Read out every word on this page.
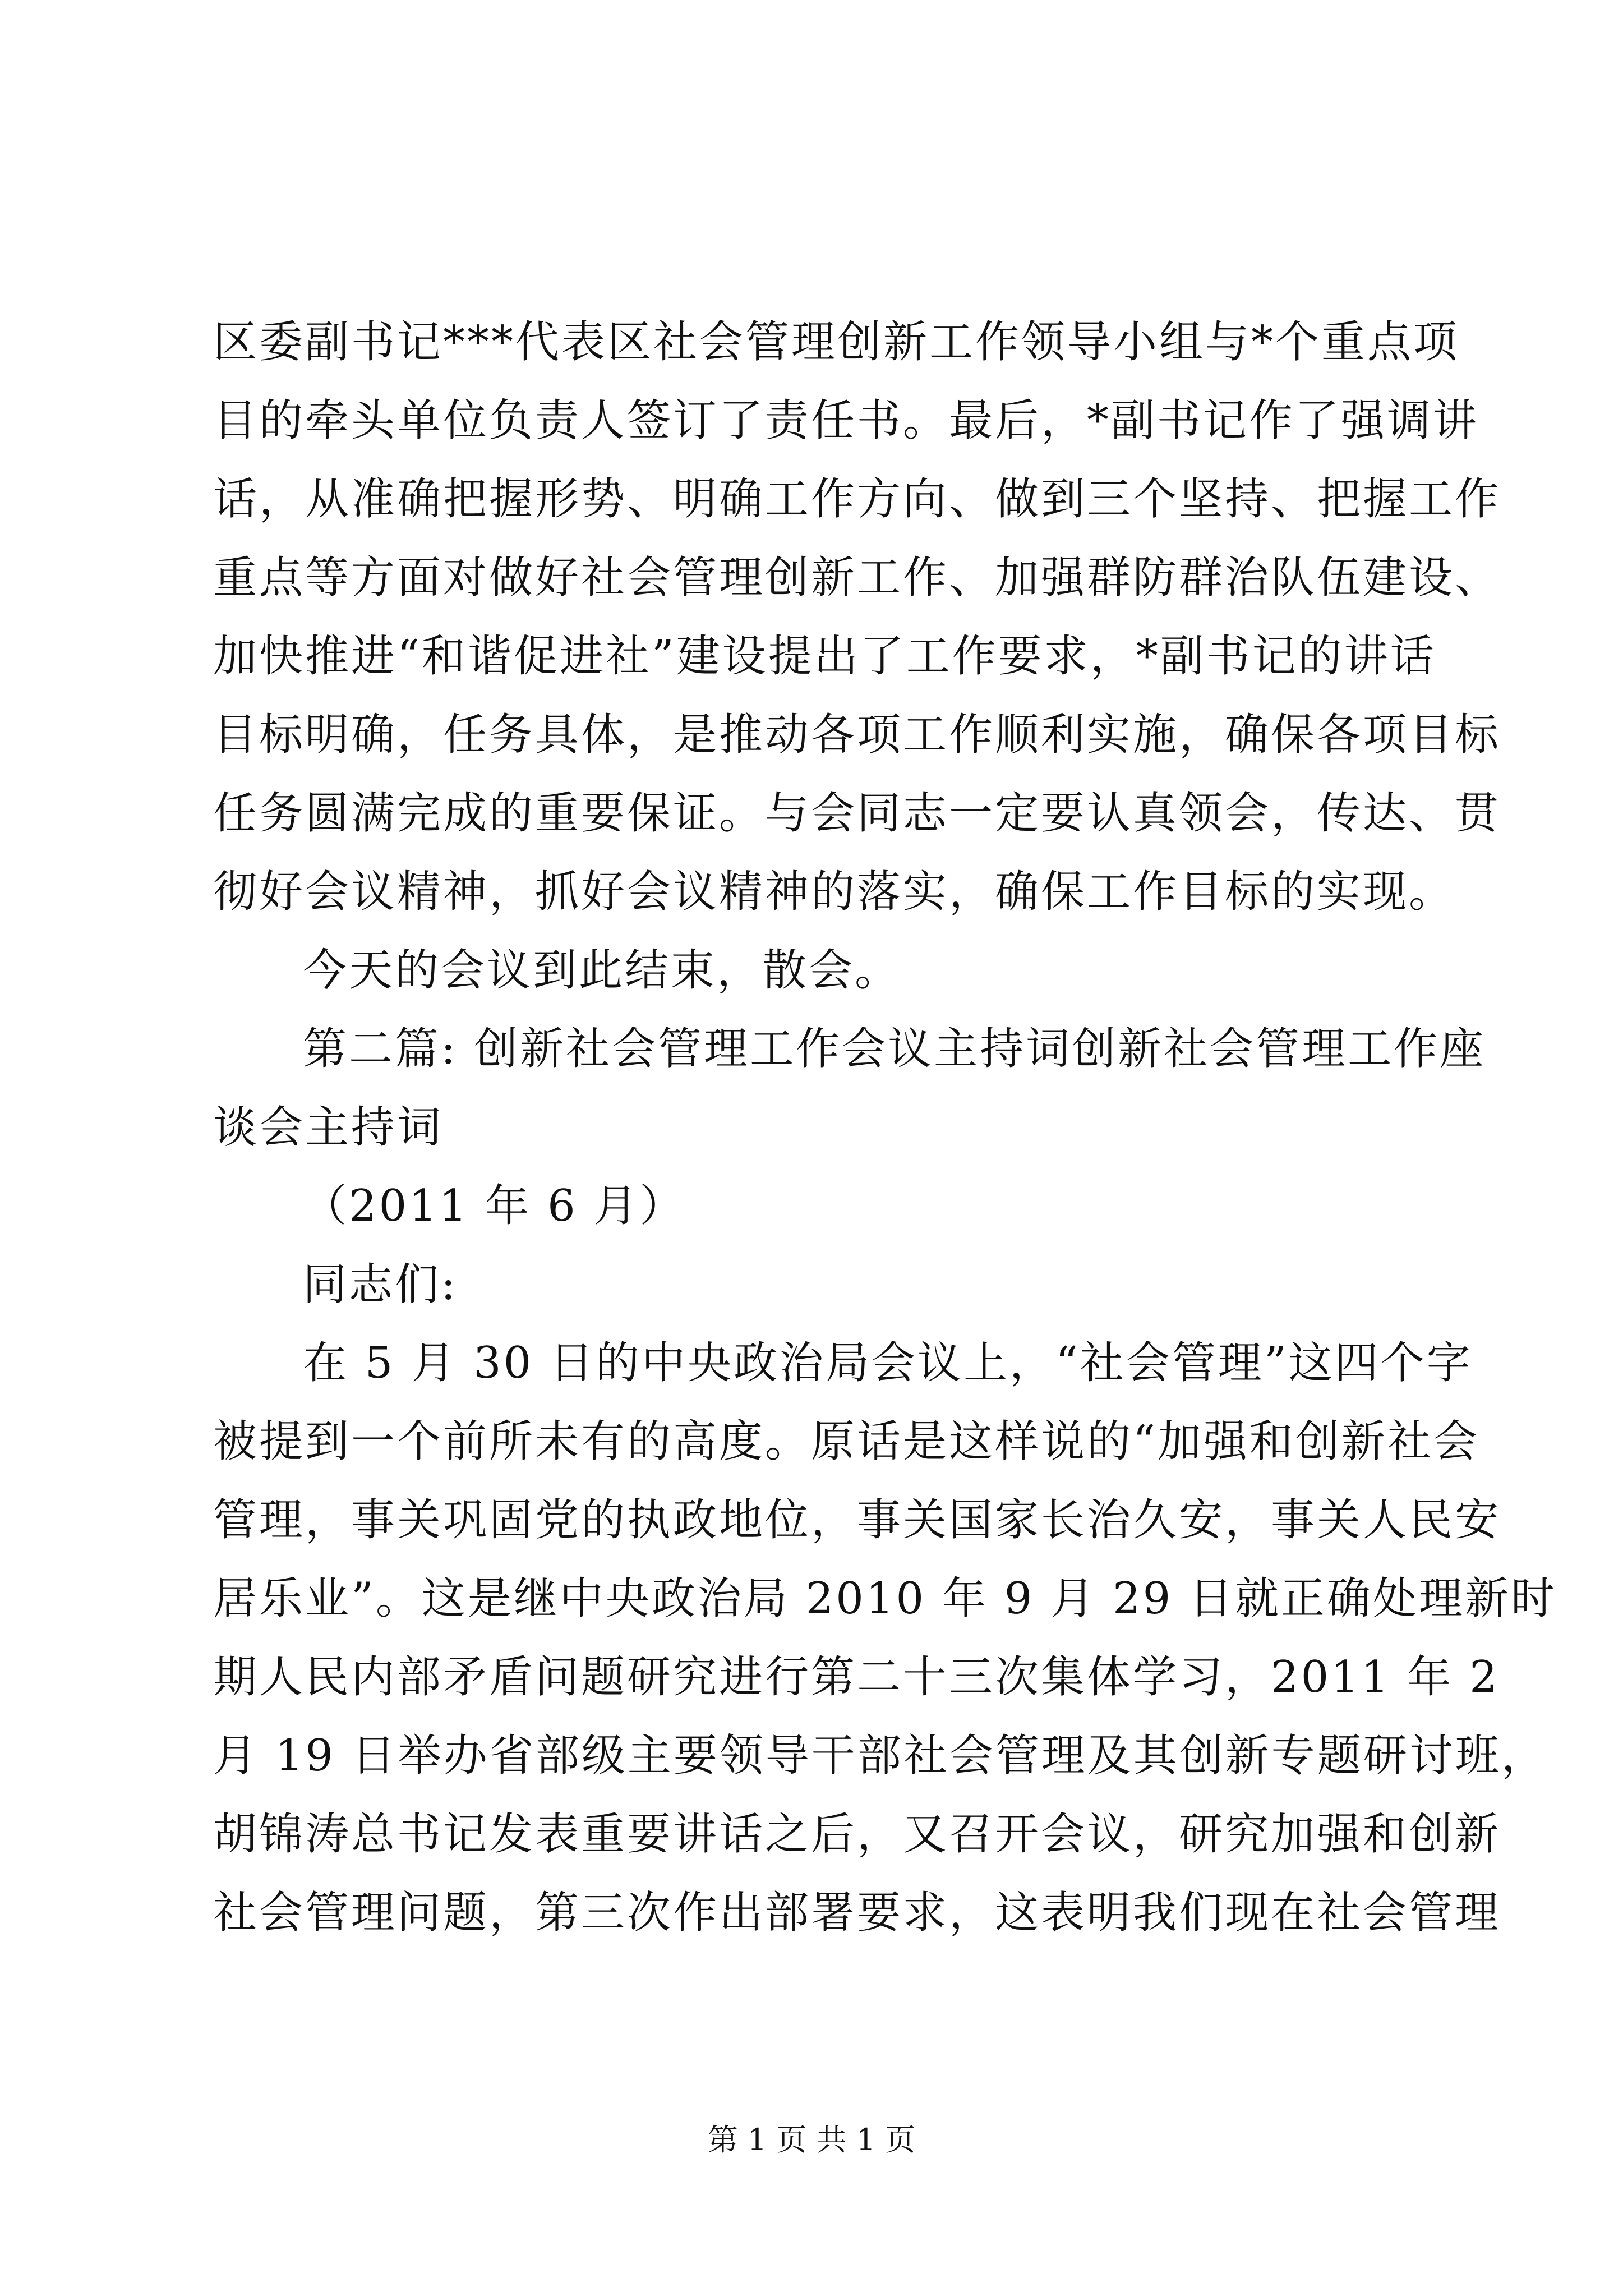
区委副书记***代表区社会管理创新工作领导小组与*个重点项
目的牵头单位负责人签订了责任书。最后，*副书记作了强调讲
话，从准确把握形势、明确工作方向、做到三个坚持、把握工作
重点等方面对做好社会管理创新工作、加强群防群治队伍建设、
加快推进“和谐促进社”建设提出了工作要求，*副书记的讲话
目标明确，任务具体，是推动各项工作顺利实施，确保各项目标
任务圆满完成的重要保证。与会同志一定要认真领会，传达、贯
彻好会议精神，抓好会议精神的落实，确保工作目标的实现。
今天的会议到此结束，散会。
第二篇: 创新社会管理工作会议主持词创新社会管理工作座
谈会主持词
（2011 年 6 月）
同志们:
在 5 月 30 日的中央政治局会议上，“社会管理”这四个字
被提到一个前所未有的高度。原话是这样说的“加强和创新社会
管理，事关巩固党的执政地位，事关国家长治久安，事关人民安
居乐业”。这是继中央政治局 2010 年 9 月 29 日就正确处理新时
期人民内部矛盾问题研究进行第二十三次集体学习，2011 年 2
月 19 日举办省部级主要领导干部社会管理及其创新专题研讨班，
胡锦涛总书记发表重要讲话之后，又召开会议，研究加强和创新
社会管理问题，第三次作出部署要求，这表明我们现在社会管理
第 1 页 共 1 页
